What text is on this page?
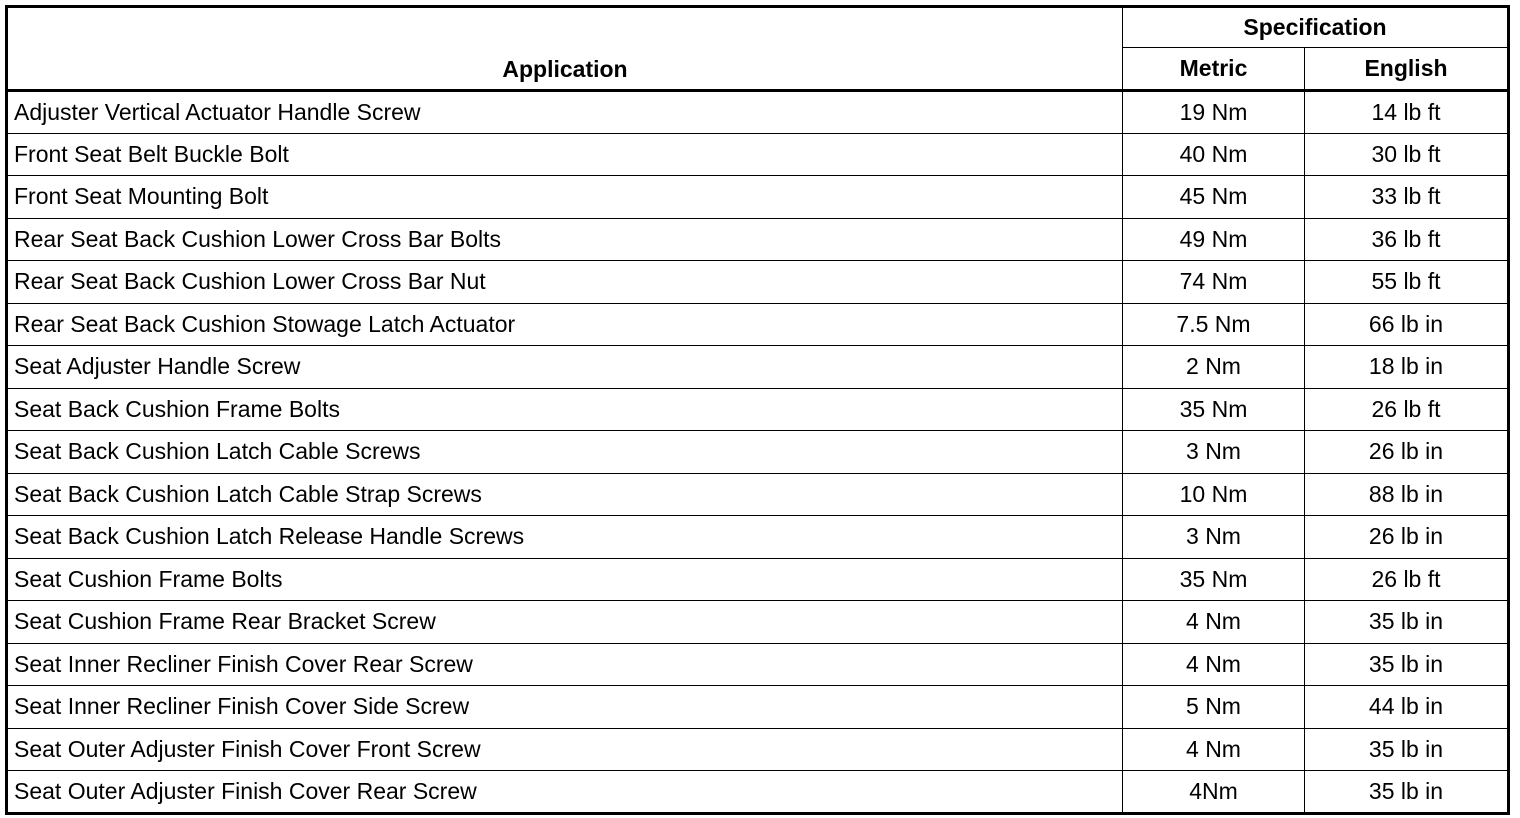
Application	Specification	
	Metric	English
Adjuster Vertical Actuator Handle Screw	19 Nm	14 lb ft
Front Seat Belt Buckle Bolt	40 Nm	30 lb ft
Front Seat Mounting Bolt	45 Nm	33 lb ft
Rear Seat Back Cushion Lower Cross Bar Bolts	49 Nm	36 lb ft
Rear Seat Back Cushion Lower Cross Bar Nut	74 Nm	55 lb ft
Rear Seat Back Cushion Stowage Latch Actuator	7.5 Nm	66 lb in
Seat Adjuster Handle Screw	2 Nm	18 lb in
Seat Back Cushion Frame Bolts	35 Nm	26 lb ft
Seat Back Cushion Latch Cable Screws	3 Nm	26 lb in
Seat Back Cushion Latch Cable Strap Screws	10 Nm	88 lb in
Seat Back Cushion Latch Release Handle Screws	3 Nm	26 lb in
Seat Cushion Frame Bolts	35 Nm	26 lb ft
Seat Cushion Frame Rear Bracket Screw	4 Nm	35 lb in
Seat Inner Recliner Finish Cover Rear Screw	4 Nm	35 lb in
Seat Inner Recliner Finish Cover Side Screw	5 Nm	44 lb in
Seat Outer Adjuster Finish Cover Front Screw	4 Nm	35 lb in
Seat Outer Adjuster Finish Cover Rear Screw	4Nm	35 lb in
